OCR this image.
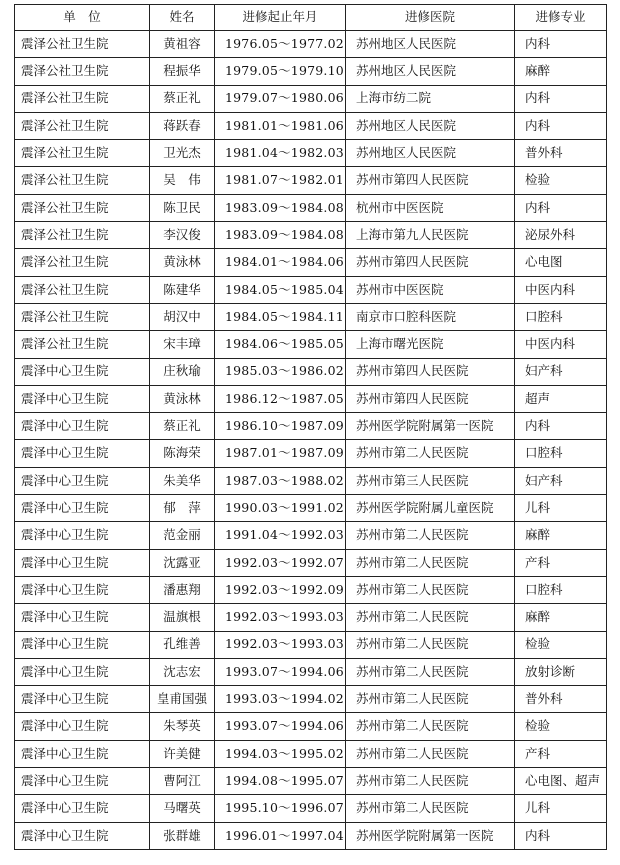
单　位	姓名	进修起止年月	进修医院	进修专业
震泽公社卫生院	黄祖容	1976.05～1977.02	苏州地区人民医院	内科
震泽公社卫生院	程振华	1979.05～1979.10	苏州地区人民医院	麻醉
震泽公社卫生院	蔡正礼	1979.07～1980.06	上海市纺二院	内科
震泽公社卫生院	蒋跃春	1981.01～1981.06	苏州地区人民医院	内科
震泽公社卫生院	卫光杰	1981.04～1982.03	苏州地区人民医院	普外科
震泽公社卫生院	吴　伟	1981.07～1982.01	苏州市第四人民医院	检验
震泽公社卫生院	陈卫民	1983.09～1984.08	杭州市中医医院	内科
震泽公社卫生院	李汉俊	1983.09～1984.08	上海市第九人民医院	泌尿外科
震泽公社卫生院	黄泳林	1984.01～1984.06	苏州市第四人民医院	心电图
震泽公社卫生院	陈建华	1984.05～1985.04	苏州市中医医院	中医内科
震泽公社卫生院	胡汉中	1984.05～1984.11	南京市口腔科医院	口腔科
震泽公社卫生院	宋丰璋	1984.06～1985.05	上海市曙光医院	中医内科
震泽中心卫生院	庄秋瑜	1985.03～1986.02	苏州市第四人民医院	妇产科
震泽中心卫生院	黄泳林	1986.12～1987.05	苏州市第四人民医院	超声
震泽中心卫生院	蔡正礼	1986.10～1987.09	苏州医学院附属第一医院	内科
震泽中心卫生院	陈海荣	1987.01～1987.09	苏州市第二人民医院	口腔科
震泽中心卫生院	朱美华	1987.03～1988.02	苏州市第三人民医院	妇产科
震泽中心卫生院	郁　萍	1990.03～1991.02	苏州医学院附属儿童医院	儿科
震泽中心卫生院	范金丽	1991.04～1992.03	苏州市第二人民医院	麻醉
震泽中心卫生院	沈露亚	1992.03～1992.07	苏州市第二人民医院	产科
震泽中心卫生院	潘惠翔	1992.03～1992.09	苏州市第二人民医院	口腔科
震泽中心卫生院	温旗根	1992.03～1993.03	苏州市第二人民医院	麻醉
震泽中心卫生院	孔维善	1992.03～1993.03	苏州市第二人民医院	检验
震泽中心卫生院	沈志宏	1993.07～1994.06	苏州市第二人民医院	放射诊断
震泽中心卫生院	皇甫国强	1993.03～1994.02	苏州市第二人民医院	普外科
震泽中心卫生院	朱琴英	1993.07～1994.06	苏州市第二人民医院	检验
震泽中心卫生院	许美健	1994.03～1995.02	苏州市第二人民医院	产科
震泽中心卫生院	曹阿江	1994.08～1995.07	苏州市第二人民医院	心电图、超声
震泽中心卫生院	马曙英	1995.10～1996.07	苏州市第二人民医院	儿科
震泽中心卫生院	张群雄	1996.01～1997.04	苏州医学院附属第一医院	内科
